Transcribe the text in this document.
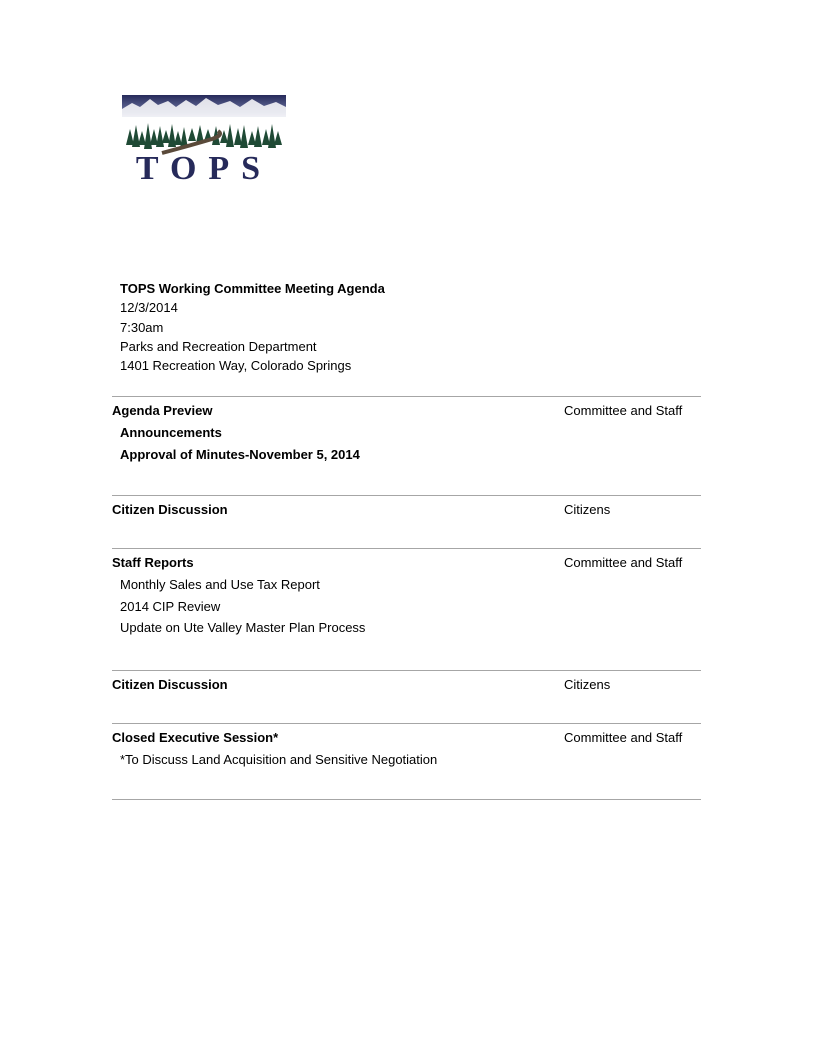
TOPS
TOPS Working Committee Meeting Agenda
12/3/2014
7:30am
Parks and Recreation Department
1401 Recreation Way, Colorado Springs
Agenda Preview	Committee and Staff
Announcements
Approval of Minutes-November 5, 2014
Citizen Discussion	Citizens
Staff Reports	Committee and Staff
Monthly Sales and Use Tax Report
2014 CIP Review
Update on Ute Valley Master Plan Process
Citizen Discussion	Citizens
Closed Executive Session*	Committee and Staff
*To Discuss Land Acquisition and Sensitive Negotiation
